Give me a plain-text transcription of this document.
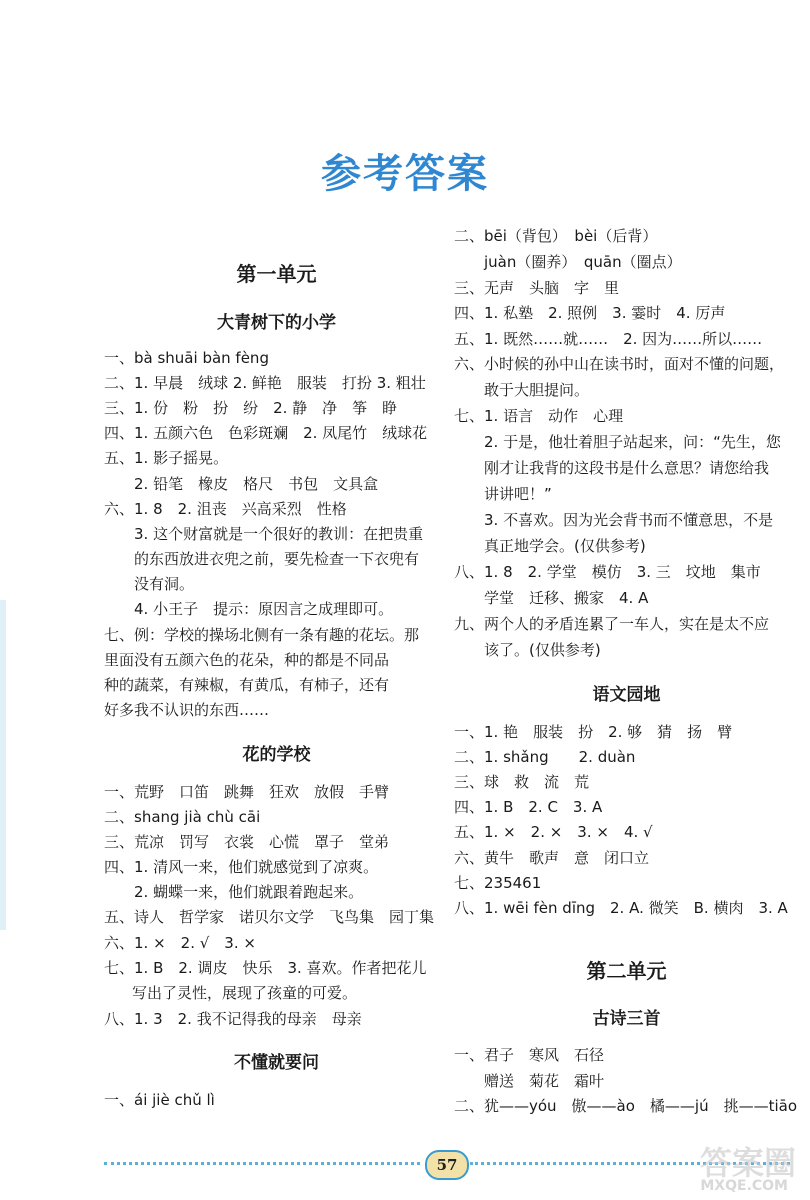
参考答案
第一单元
大青树下的小学
一、bà shuāi bàn fèng
二、1. 早晨　绒球 2. 鲜艳　服装　打扮 3. 粗壮
三、1. 份　粉　扮　纷　2. 静　净　筝　睁
四、1. 五颜六色　色彩斑斓　2. 凤尾竹　绒球花
五、1. 影子摇晃。
2. 铅笔　橡皮　格尺　书包　文具盒
六、1. 8　2. 沮丧　兴高采烈　性格
3. 这个财富就是一个很好的教训：在把贵重
的东西放进衣兜之前，要先检查一下衣兜有
没有洞。
4. 小王子　提示：原因言之成理即可。
七、例：学校的操场北侧有一条有趣的花坛。那
里面没有五颜六色的花朵，种的都是不同品
种的蔬菜，有辣椒，有黄瓜，有柿子，还有
好多我不认识的东西……
花的学校
一、荒野　口笛　跳舞　狂欢　放假　手臂
二、shang jià chù cāi
三、荒凉　罚写　衣裳　心慌　罩子　堂弟
四、1. 清风一来，他们就感觉到了凉爽。
2. 蝴蝶一来，他们就跟着跑起来。
五、诗人　哲学家　诺贝尔文学　飞鸟集　园丁集
六、1. ×　2. √　3. ×
七、1. B　2. 调皮　快乐　3. 喜欢。作者把花儿
写出了灵性，展现了孩童的可爱。
八、1. 3　2. 我不记得我的母亲　母亲
不懂就要问
一、ái jiè chǔ lì
二、bēi（背包）　bèi（后背）
juàn（圈养）　quān（圈点）
三、无声　头脑　字　里
四、1. 私塾　2. 照例　3. 霎时　4. 厉声
五、1. 既然……就……　2. 因为……所以……
六、小时候的孙中山在读书时，面对不懂的问题，
敢于大胆提问。
七、1. 语言　动作　心理
2. 于是，他壮着胆子站起来，问：“先生，您
刚才让我背的这段书是什么意思？请您给我
讲讲吧！”
3. 不喜欢。因为光会背书而不懂意思，不是
真正地学会。(仅供参考)
八、1. 8　2. 学堂　模仿　3. 三　坟地　集市
学堂　迁移、搬家　4. A
九、两个人的矛盾连累了一车人，实在是太不应
该了。(仅供参考)
语文园地
一、1. 艳　服装　扮　2. 够　猜　扬　臂
二、1. shǎng　　2. duàn
三、球　救　流　荒
四、1. B　2. C　3. A
五、1. ×　2. ×　3. ×　4. √
六、黄牛　歌声　意　闭口立
七、235461
八、1. wēi fèn dīng　2. A. 微笑　B. 横肉　3. A
第二单元
古诗三首
一、君子　寒风　石径
赠送　菊花　霜叶
二、犹——yóu　傲——ào　橘——jú　挑——tiāo
57	答案圈
MXQE.COM
